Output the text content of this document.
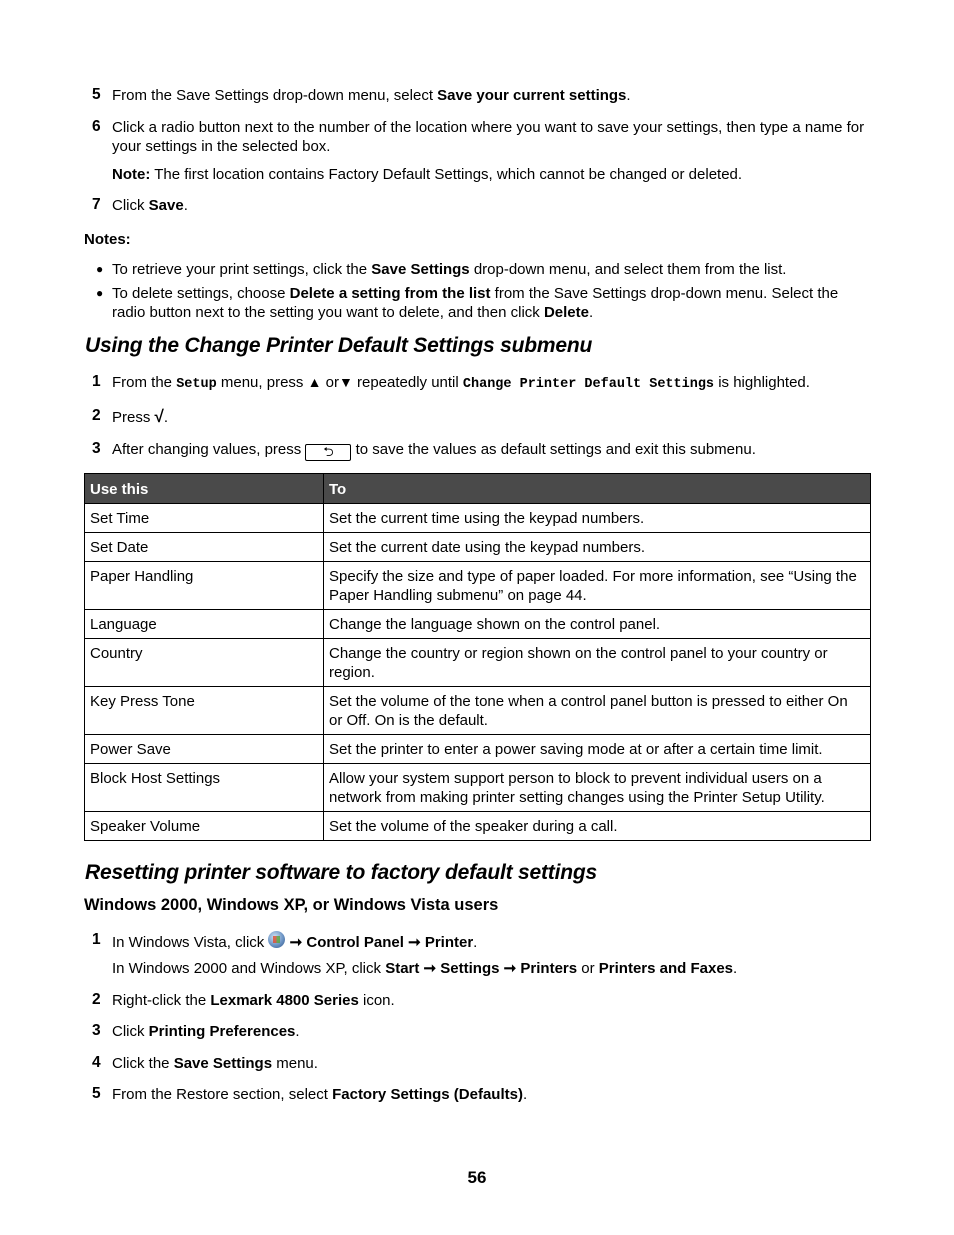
5 From the Save Settings drop-down menu, select Save your current settings.
6 Click a radio button next to the number of the location where you want to save your settings, then type a name for your settings in the selected box.
Note: The first location contains Factory Default Settings, which cannot be changed or deleted.
7 Click Save.
Notes:
● To retrieve your print settings, click the Save Settings drop-down menu, and select them from the list.
● To delete settings, choose Delete a setting from the list from the Save Settings drop-down menu. Select the radio button next to the setting you want to delete, and then click Delete.
Using the Change Printer Default Settings submenu
1 From the Setup menu, press ▲ or▼ repeatedly until Change Printer Default Settings is highlighted.
2 Press √.
3 After changing values, press ⮌ to save the values as default settings and exit this submenu.
Use this	To
Set Time	Set the current time using the keypad numbers.
Set Date	Set the current date using the keypad numbers.
Paper Handling	Specify the size and type of paper loaded. For more information, see “Using the Paper Handling submenu” on page 44.
Language	Change the language shown on the control panel.
Country	Change the country or region shown on the control panel to your country or region.
Key Press Tone	Set the volume of the tone when a control panel button is pressed to either On or Off. On is the default.
Power Save	Set the printer to enter a power saving mode at or after a certain time limit.
Block Host Settings	Allow your system support person to block to prevent individual users on a network from making printer setting changes using the Printer Setup Utility.
Speaker Volume	Set the volume of the speaker during a call.
Resetting printer software to factory default settings
Windows 2000, Windows XP, or Windows Vista users
1 In Windows Vista, click  ➞ Control Panel ➞ Printer.
In Windows 2000 and Windows XP, click Start ➞ Settings ➞ Printers or Printers and Faxes.
2 Right-click the Lexmark 4800 Series icon.
3 Click Printing Preferences.
4 Click the Save Settings menu.
5 From the Restore section, select Factory Settings (Defaults).
56
